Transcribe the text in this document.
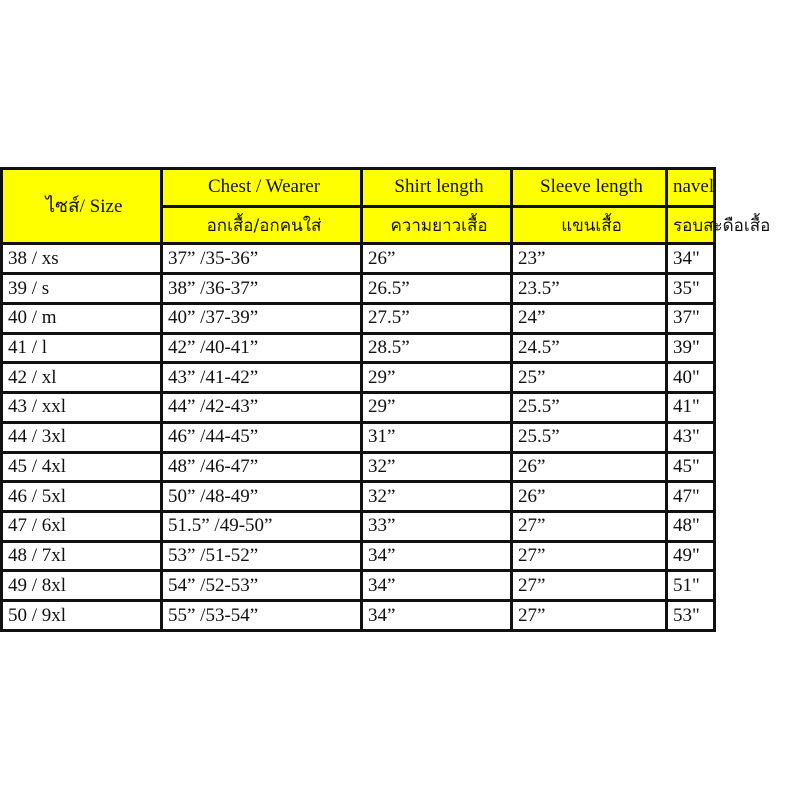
ไซส์/ Size	Chest / Wearer	Shirt length	Sleeve length	navel
	อกเสื้อ/อกคนใส่	ความยาวเสื้อ	แขนเสื้อ	รอบสะดือเสื้อ
38 / xs	37” /35-36”	26”	23”	34"
39 / s	38” /36-37”	26.5”	23.5”	35"
40 / m	40” /37-39”	27.5”	24”	37"
41 / l	42” /40-41”	28.5”	24.5”	39"
42 / xl	43” /41-42”	29”	25”	40"
43 / xxl	44” /42-43”	29”	25.5”	41"
44 / 3xl	46” /44-45”	31”	25.5”	43"
45 / 4xl	48” /46-47”	32”	26”	45"
46 / 5xl	50” /48-49”	32”	26”	47"
47 / 6xl	51.5” /49-50”	33”	27”	48"
48 / 7xl	53” /51-52”	34”	27”	49"
49 / 8xl	54” /52-53”	34”	27”	51"
50 / 9xl	55” /53-54”	34”	27”	53"
